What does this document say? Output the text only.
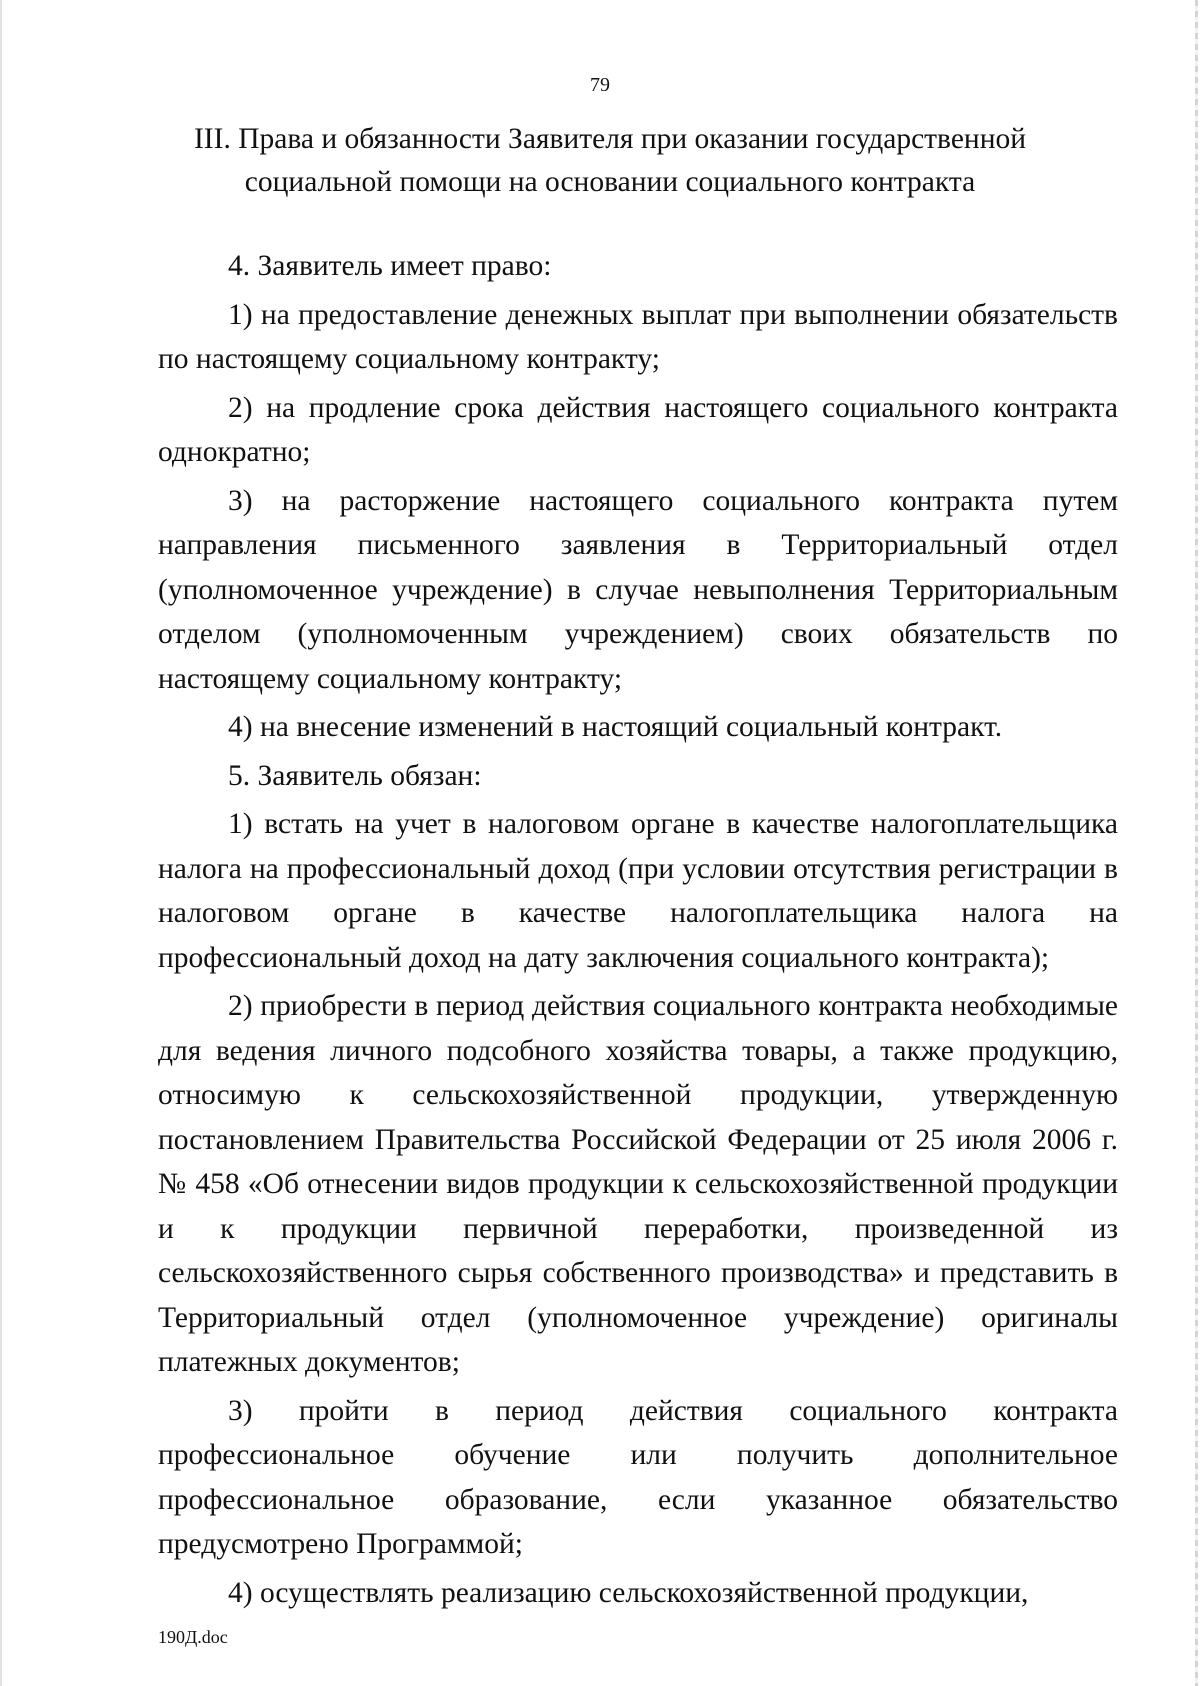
79
III. Права и обязанности Заявителя при оказании государственной
социальной помощи на основании социального контракта

4. Заявитель имеет право:

1) на предоставление денежных выплат при выполнении обязательств по настоящему социальному контракту;

2) на продление срока действия настоящего социального контракта однократно;

3) на расторжение настоящего социального контракта путем направления письменного заявления в Территориальный отдел (уполномоченное учреждение) в случае невыполнения Территориальным отделом (уполномоченным учреждением) своих обязательств по настоящему социальному контракту;

4) на внесение изменений в настоящий социальный контракт.

5. Заявитель обязан:

1) встать на учет в налоговом органе в качестве налогоплательщика налога на профессиональный доход (при условии отсутствия регистрации в налоговом органе в качестве налогоплательщика налога на профессиональный доход на дату заключения социального контракта);

2) приобрести в период действия социального контракта необходимые для ведения личного подсобного хозяйства товары, а также продукцию, относимую к сельскохозяйственной продукции, утвержденную постановлением Правительства Российской Федерации от 25 июля 2006 г. № 458 «Об отнесении видов продукции к сельскохозяйственной продукции и к продукции первичной переработки, произведенной из сельскохозяйственного сырья собственного производства» и представить в Территориальный отдел (уполномоченное учреждение) оригиналы платежных документов;

3) пройти в период действия социального контракта профессиональное обучение или получить дополнительное профессиональное образование, если указанное обязательство предусмотрено Программой;

4) осуществлять реализацию сельскохозяйственной продукции,

190Д.doc
